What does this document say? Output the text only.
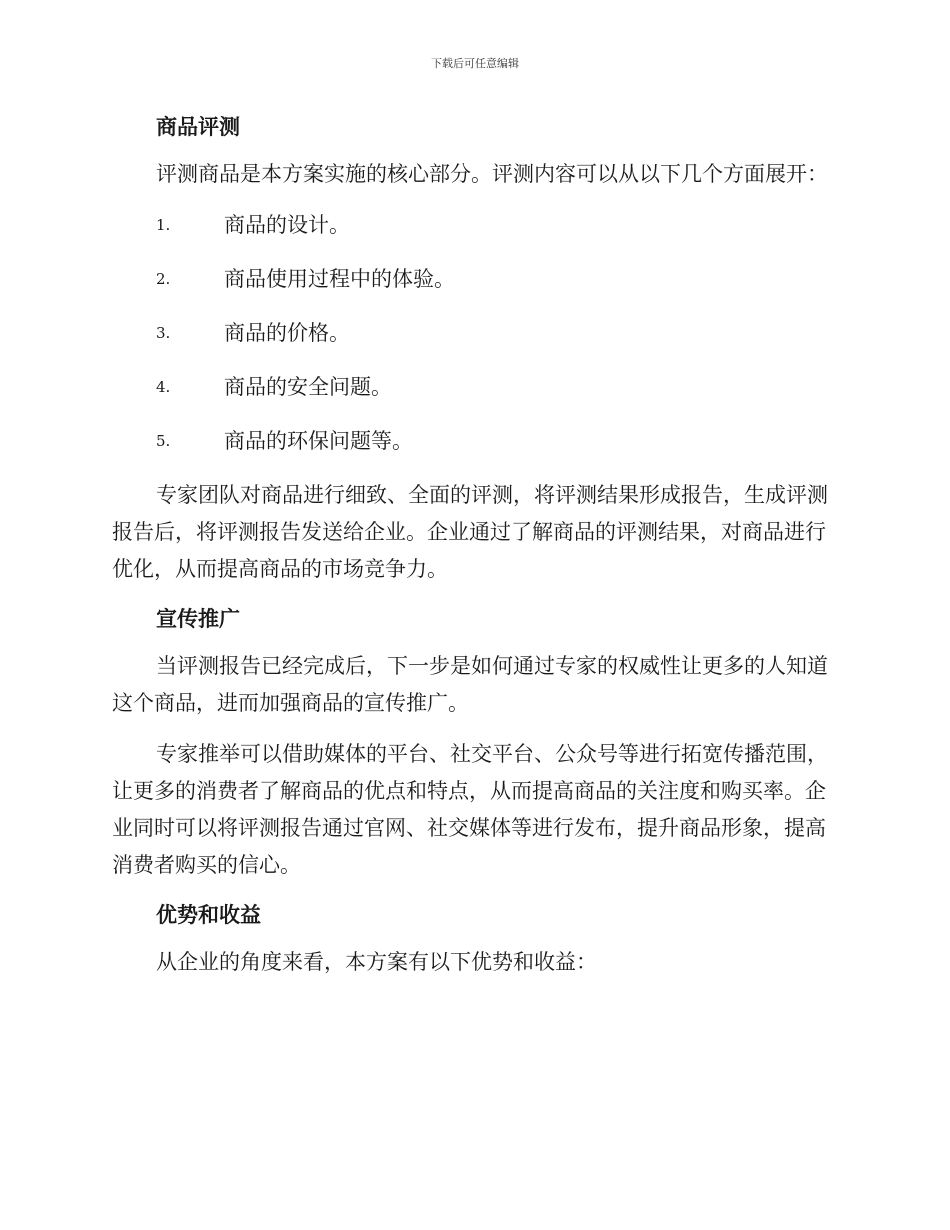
下载后可任意编辑
商品评测

评测商品是本方案实施的核心部分。评测内容可以从以下几个方面展开：

1.	商品的设计。
2.	商品使用过程中的体验。
3.	商品的价格。
4.	商品的安全问题。
5.	商品的环保问题等。

专家团队对商品进行细致、全面的评测，将评测结果形成报告，生成评测报告后，将评测报告发送给企业。企业通过了解商品的评测结果，对商品进行优化，从而提高商品的市场竞争力。

宣传推广

当评测报告已经完成后，下一步是如何通过专家的权威性让更多的人知道这个商品，进而加强商品的宣传推广。

专家推举可以借助媒体的平台、社交平台、公众号等进行拓宽传播范围，让更多的消费者了解商品的优点和特点，从而提高商品的关注度和购买率。企业同时可以将评测报告通过官网、社交媒体等进行发布，提升商品形象，提高消费者购买的信心。

优势和收益

从企业的角度来看，本方案有以下优势和收益：
